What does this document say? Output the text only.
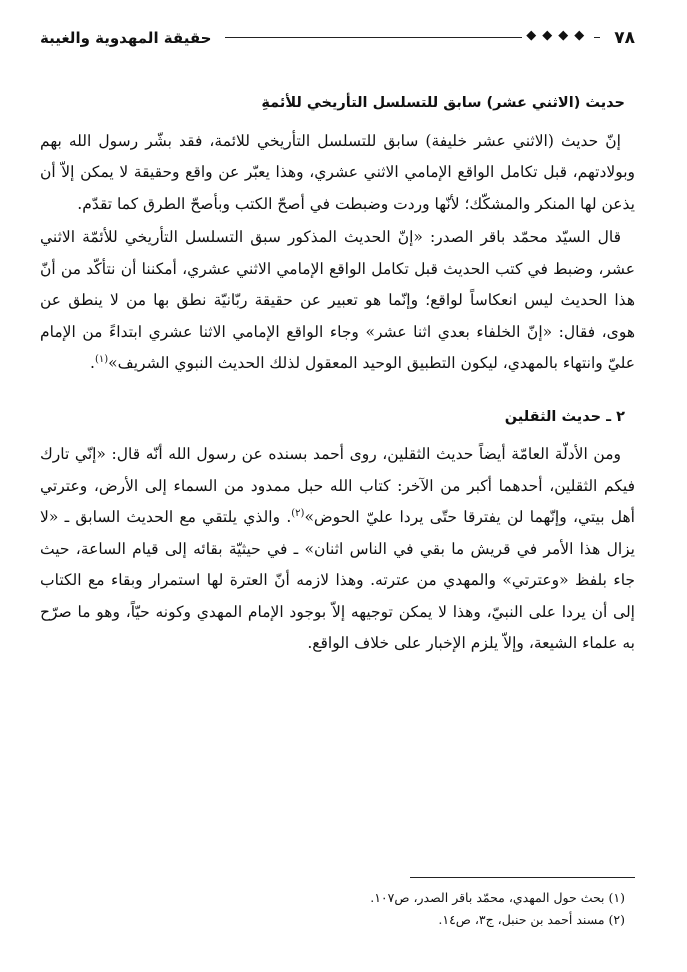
٧٨
◆◆◆◆
حقيقة المهدوية والغيبة
حديث (الاثني عشر) سابق للتسلسل التأريخي للأئمةِ

إنّ حديث (الاثني عشر خليفة) سابق للتسلسل التأريخي للائمة، فقد بشّر رسول الله بهم وبولادتهم، قبل تكامل الواقع الإمامي الاثني عشري، وهذا يعبّر عن واقع وحقيقة لا يمكن إلاّ أن يذعن لها المنكر والمشكّك؛ لأنّها وردت وضبطت في أصحّ الكتب وبأصحّ الطرق كما تقدّم.

قال السيّد محمّد باقر الصدر: «إنّ الحديث المذكور سبق التسلسل التأريخي للأئمّة الاثني عشر، وضبط في كتب الحديث قبل تكامل الواقع الإمامي الاثني عشري، أمكننا أن نتأكّد من أنّ هذا الحديث ليس انعكاساً لواقع؛ وإنّما هو تعبير عن حقيقة ربّانيّة نطق بها من لا ينطق عن هوى، فقال: «إنّ الخلفاء بعدي اثنا عشر» وجاء الواقع الإمامي الاثنا عشري ابتداءً من الإمام عليّ وانتهاء بالمهدي، ليكون التطبيق الوحيد المعقول لذلك الحديث النبوي الشريف»$^{(١)}$.

٢ ـ حديث الثقلين

ومن الأدلّة العامّة أيضاً حديث الثقلين، روى أحمد بسنده عن رسول الله أنّه قال: «إنّي تارك فيكم الثقلين، أحدهما أكبر من الآخر: كتاب الله حبل ممدود من السماء إلى الأرض، وعترتي أهل بيتي، وإنّهما لن يفترقا حتّى يردا عليّ الحوض»$^{(٢)}$. والذي يلتقي مع الحديث السابق ـ «لا يزال هذا الأمر في قريش ما بقي في الناس اثنان» ـ في حيثيّة بقائه إلى قيام الساعة، حيث جاء بلفظ «وعترتي» والمهدي من عترته. وهذا لازمه أنّ العترة لها استمرار وبقاء مع الكتاب إلى أن يردا على النبيّ، وهذا لا يمكن توجيهه إلاّ بوجود الإمام المهدي وكونه حيّاً، وهو ما صرّح به علماء الشيعة، وإلاّ يلزم الإخبار على خلاف الواقع.

(١) بحث حول المهدي، محمّد باقر الصدر، ص١٠٧.

(٢) مسند أحمد بن حنبل، ج٣، ص١٤.
